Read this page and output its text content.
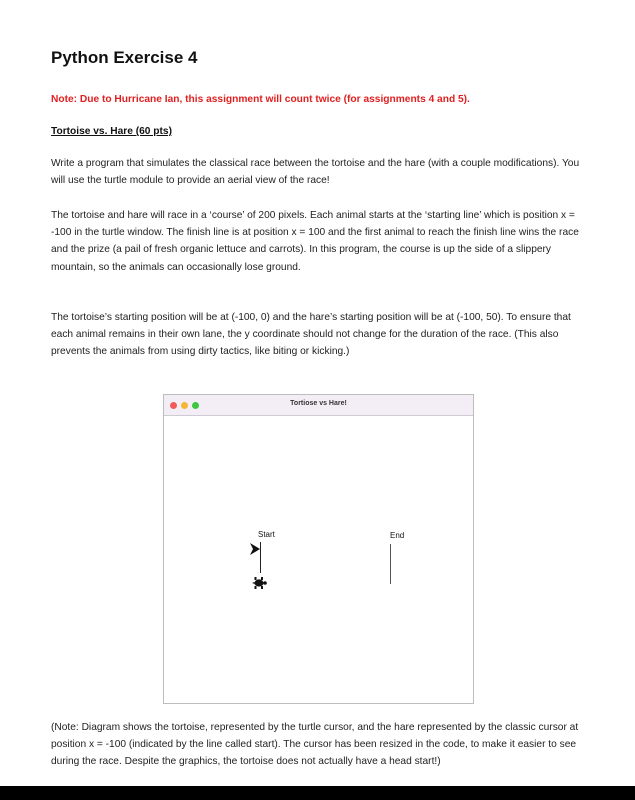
Python Exercise 4
Note: Due to Hurricane Ian, this assignment will count twice (for assignments 4 and 5).
Tortoise vs. Hare (60 pts)

Write a program that simulates the classical race between the tortoise and the hare (with a couple modifications). You will use the turtle module to provide an aerial view of the race!

The tortoise and hare will race in a ‘course’ of 200 pixels. Each animal starts at the ‘starting line’ which is position x = -100 in the turtle window. The finish line is at position x = 100 and the first animal to reach the finish line wins the race and the prize (a pail of fresh organic lettuce and carrots). In this program, the course is up the side of a slippery mountain, so the animals can occasionally lose ground.

The tortoise’s starting position will be at (-100, 0) and the hare’s starting position will be at (-100, 50). To ensure that each animal remains in their own lane, the y coordinate should not change for the duration of the race. (This also prevents the animals from using dirty tactics, like biting or kicking.)

Tortiose vs Hare!
Start	End

(Note: Diagram shows the tortoise, represented by the turtle cursor, and the hare represented by the classic cursor at position x = -100 (indicated by the line called start). The cursor has been resized in the code, to make it easier to see during the race. Despite the graphics, the tortoise does not actually have a head start!)
